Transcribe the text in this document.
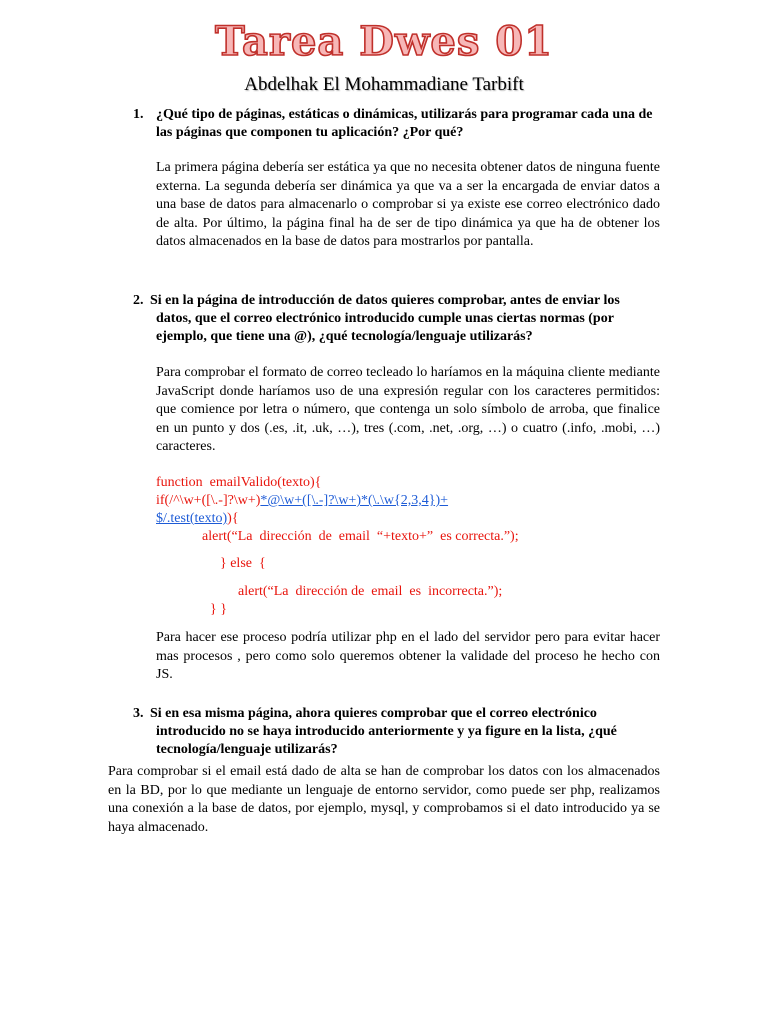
Tarea Dwes 01
Abdelhak El Mohammadiane Tarbift
1. ¿Qué tipo de páginas, estáticas o dinámicas, utilizarás para programar cada una de las páginas que componen tu aplicación? ¿Por qué?
La primera página debería ser estática ya que no necesita obtener datos de ninguna fuente externa. La segunda debería ser dinámica ya que va a ser la encargada de enviar datos a una base de datos para almacenarlo o comprobar si ya existe ese correo electrónico dado de alta. Por último, la página final ha de ser de tipo dinámica ya que ha de obtener los datos almacenados en la base de datos para mostrarlos por pantalla.
2. Si en la página de introducción de datos quieres comprobar, antes de enviar los datos, que el correo electrónico introducido cumple unas ciertas normas (por ejemplo, que tiene una @), ¿qué tecnología/lenguaje utilizarás?
Para comprobar el formato de correo tecleado lo haríamos en la máquina cliente mediante JavaScript donde haríamos uso de una expresión regular con los caracteres permitidos: que comience por letra o número, que contenga un solo símbolo de arroba, que finalice en un punto y dos (.es, .it, .uk, …), tres (.com, .net, .org, …) o cuatro (.info, .mobi, …) caracteres.
function  emailValido(texto){
if(/^\w+([\.-]?\w+)*@\w+([\.-]?\w+)*(\.\w{2,3,4})+
$/.test(texto)){
alert(“La  dirección  de  email  “+texto+”  es correcta.”);
} else  {
alert(“La  dirección de  email  es  incorrecta.”);
} }
Para hacer ese proceso podría utilizar php en el lado del servidor pero para evitar hacer mas procesos , pero como solo queremos obtener la validade del proceso he hecho con JS.
3. Si en esa misma página, ahora quieres comprobar que el correo electrónico introducido no se haya introducido anteriormente y ya figure en la lista, ¿qué tecnología/lenguaje utilizarás?
Para comprobar si el email está dado de alta se han de comprobar los datos con los almacenados en la BD, por lo que mediante un lenguaje de entorno servidor, como puede ser php, realizamos una conexión a la base de datos, por ejemplo, mysql, y comprobamos si el dato introducido ya se haya almacenado.
